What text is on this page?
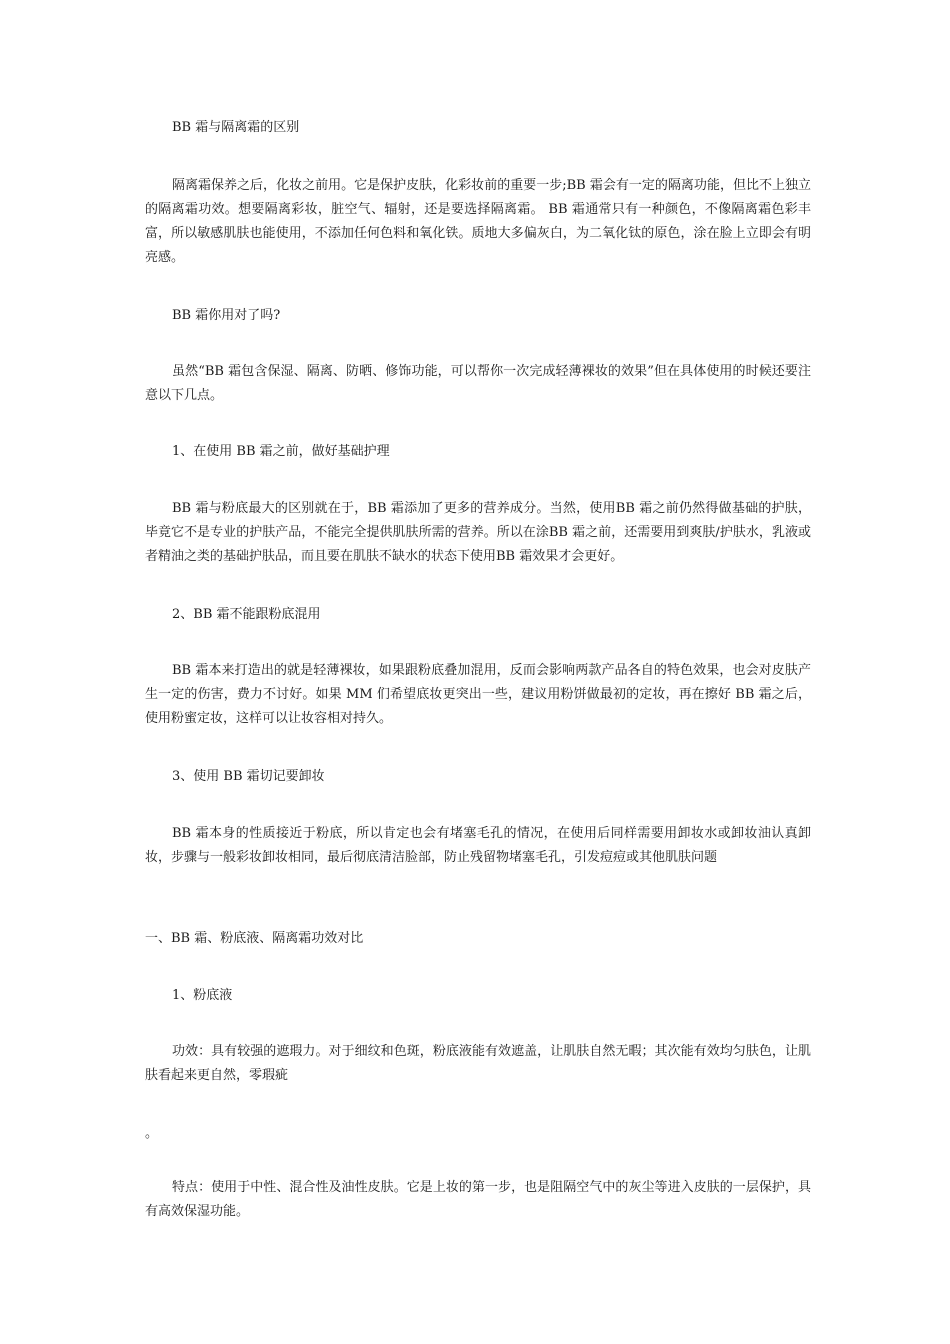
BB 霜与隔离霜的区别
隔离霜保养之后，化妆之前用。它是保护皮肤，化彩妆前的重要一步;BB 霜会有一定的隔离功能，但比不上独立的隔离霜功效。想要隔离彩妆，脏空气、辐射，还是要选择隔离霜。 BB 霜通常只有一种颜色，不像隔离霜色彩丰富，所以敏感肌肤也能使用，不添加任何色料和氧化铁。质地大多偏灰白，为二氧化钛的原色，涂在脸上立即会有明亮感。
BB 霜你用对了吗?
虽然“BB 霜包含保湿、隔离、防晒、修饰功能，可以帮你一次完成轻薄裸妆的效果”但在具体使用的时候还要注意以下几点。
1、在使用 BB 霜之前，做好基础护理
BB 霜与粉底最大的区别就在于，BB 霜添加了更多的营养成分。当然，使用BB 霜之前仍然得做基础的护肤，毕竟它不是专业的护肤产品，不能完全提供肌肤所需的营养。所以在涂BB 霜之前，还需要用到爽肤/护肤水，乳液或者精油之类的基础护肤品，而且要在肌肤不缺水的状态下使用BB 霜效果才会更好。
2、BB 霜不能跟粉底混用
BB 霜本来打造出的就是轻薄裸妆，如果跟粉底叠加混用，反而会影响两款产品各自的特色效果，也会对皮肤产生一定的伤害，费力不讨好。如果 MM 们希望底妆更突出一些，建议用粉饼做最初的定妆，再在擦好 BB 霜之后，使用粉蜜定妆，这样可以让妆容相对持久。
3、使用 BB 霜切记要卸妆
BB 霜本身的性质接近于粉底，所以肯定也会有堵塞毛孔的情况，在使用后同样需要用卸妆水或卸妆油认真卸妆，步骤与一般彩妆卸妆相同，最后彻底清洁脸部，防止残留物堵塞毛孔，引发痘痘或其他肌肤问题
一、BB 霜、粉底液、隔离霜功效对比
1、粉底液
功效：具有较强的遮瑕力。对于细纹和色斑，粉底液能有效遮盖，让肌肤自然无暇；其次能有效均匀肤色，让肌肤看起来更自然，零瑕疵
。
特点：使用于中性、混合性及油性皮肤。它是上妆的第一步，也是阻隔空气中的灰尘等进入皮肤的一层保护，具有高效保湿功能。
